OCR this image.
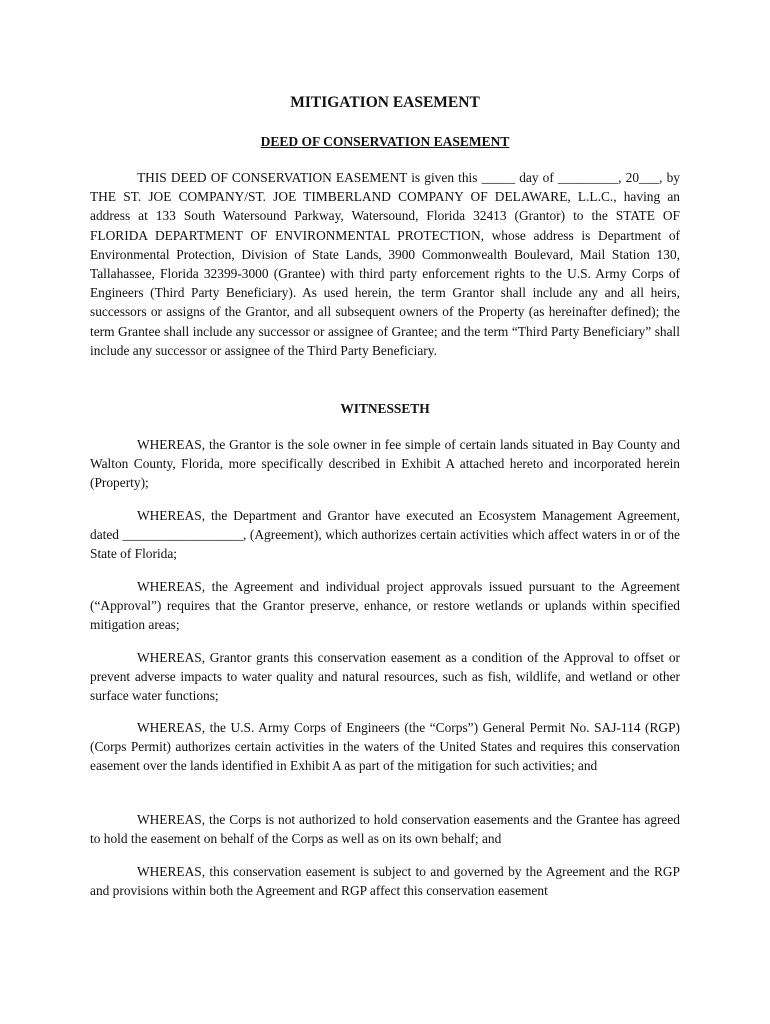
MITIGATION EASEMENT
DEED OF CONSERVATION EASEMENT

THIS DEED OF CONSERVATION EASEMENT is given this _____ day of _________, 20___, by THE ST. JOE COMPANY/ST. JOE TIMBERLAND COMPANY OF DELAWARE, L.L.C., having an address at 133 South Watersound Parkway, Watersound, Florida 32413 (Grantor) to the STATE OF FLORIDA DEPARTMENT OF ENVIRONMENTAL PROTECTION, whose address is Department of Environmental Protection, Division of State Lands, 3900 Commonwealth Boulevard, Mail Station 130, Tallahassee, Florida 32399-3000 (Grantee) with third party enforcement rights to the U.S. Army Corps of Engineers (Third Party Beneficiary). As used herein, the term Grantor shall include any and all heirs, successors or assigns of the Grantor, and all subsequent owners of the Property (as hereinafter defined); the term Grantee shall include any successor or assignee of Grantee; and the term “Third Party Beneficiary” shall include any successor or assignee of the Third Party Beneficiary.

WITNESSETH

WHEREAS, the Grantor is the sole owner in fee simple of certain lands situated in Bay County and Walton County, Florida, more specifically described in Exhibit A attached hereto and incorporated herein (Property);

WHEREAS, the Department and Grantor have executed an Ecosystem Management Agreement, dated __________________, (Agreement), which authorizes certain activities which affect waters in or of the State of Florida;

WHEREAS, the Agreement and individual project approvals issued pursuant to the Agreement (“Approval”) requires that the Grantor preserve, enhance, or restore wetlands or uplands within specified mitigation areas;

WHEREAS, Grantor grants this conservation easement as a condition of the Approval to offset or prevent adverse impacts to water quality and natural resources, such as fish, wildlife, and wetland or other surface water functions;

WHEREAS, the U.S. Army Corps of Engineers (the “Corps”) General Permit No. SAJ-114 (RGP) (Corps Permit) authorizes certain activities in the waters of the United States and requires this conservation easement over the lands identified in Exhibit A as part of the mitigation for such activities; and

WHEREAS, the Corps is not authorized to hold conservation easements and the Grantee has agreed to hold the easement on behalf of the Corps as well as on its own behalf; and

WHEREAS, this conservation easement is subject to and governed by the Agreement and the RGP and provisions within both the Agreement and RGP affect this conservation easement
